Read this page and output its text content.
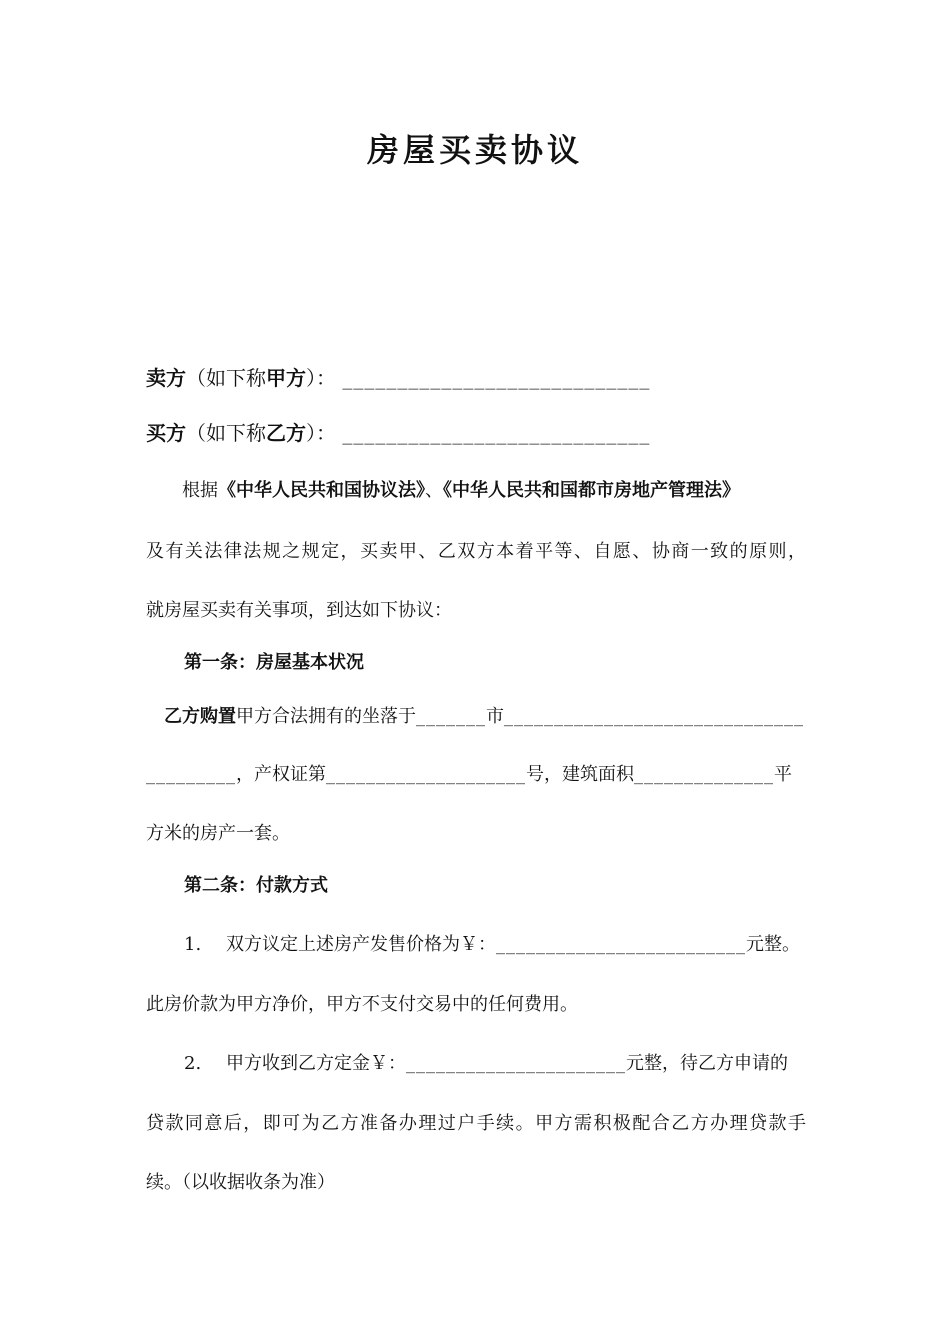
房屋买卖协议
卖方（如下称甲方）： ____________________________
买方（如下称乙方）： ____________________________
根据《中华人民共和国协议法》、《中华人民共和国都市房地产管理法》
及有关法律法规之规定，买卖甲、乙双方本着平等、自愿、协商一致的原则，
就房屋买卖有关事项，到达如下协议：
第一条：房屋基本状况
乙方购置甲方合法拥有的坐落于_______市______________________________
_________，产权证第____________________号，建筑面积______________平
方米的房产一套。
第二条：付款方式
1. 双方议定上述房产发售价格为￥：_________________________元整。
此房价款为甲方净价，甲方不支付交易中的任何费用。
2. 甲方收到乙方定金￥：______________________元整，待乙方申请的
贷款同意后，即可为乙方准备办理过户手续。甲方需积极配合乙方办理贷款手
续。（以收据收条为准）
